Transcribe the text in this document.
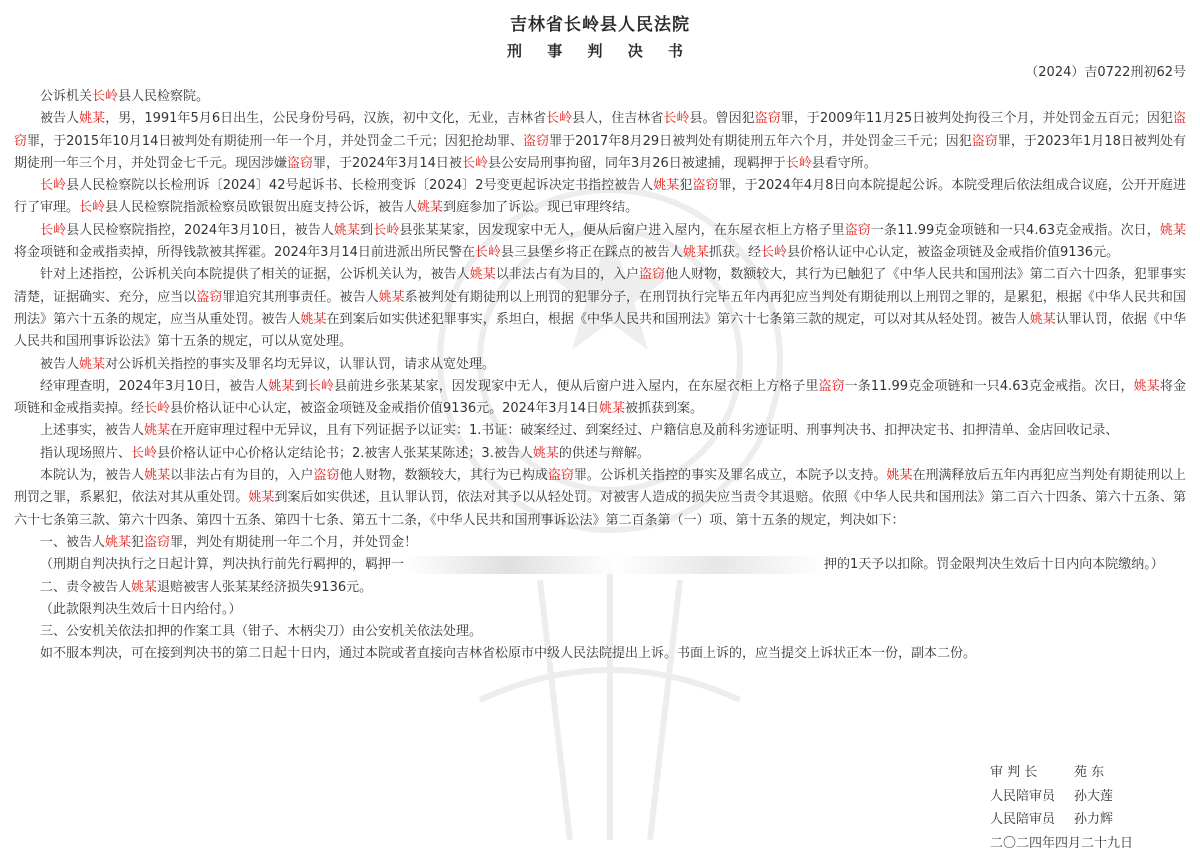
吉林省长岭县人民法院
刑 事 判 决 书
（2024）吉0722刑初62号

公诉机关长岭县人民检察院。

被告人姚某，男，1991年5月6日出生，公民身份号码，汉族，初中文化，无业，吉林省长岭县人，住吉林省长岭县。曾因犯盗窃罪，于2009年11月25日被判处拘役三个月，并处罚金五百元；因犯盗窃罪，于2015年10月14日被判处有期徒刑一年一个月，并处罚金二千元；因犯抢劫罪、盗窃罪于2017年8月29日被判处有期徒刑五年六个月，并处罚金三千元；因犯盗窃罪，于2023年1月18日被判处有期徒刑一年三个月，并处罚金七千元。现因涉嫌盗窃罪，于2024年3月14日被长岭县公安局刑事拘留，同年3月26日被逮捕，现羁押于长岭县看守所。

长岭县人民检察院以长检刑诉〔2024〕42号起诉书、长检刑变诉〔2024〕2号变更起诉决定书指控被告人姚某犯盗窃罪，于2024年4月8日向本院提起公诉。本院受理后依法组成合议庭，公开开庭进行了审理。长岭县人民检察院指派检察员欧银贺出庭支持公诉，被告人姚某到庭参加了诉讼。现已审理终结。

长岭县人民检察院指控，2024年3月10日，被告人姚某到长岭县张某某家，因发现家中无人，便从后窗户进入屋内，在东屋衣柜上方格子里盗窃一条11.99克金项链和一只4.63克金戒指。次日，姚某将金项链和金戒指卖掉，所得钱款被其挥霍。2024年3月14日前进派出所民警在长岭县三县堡乡将正在踩点的被告人姚某抓获。经长岭县价格认证中心认定，被盗金项链及金戒指价值9136元。

针对上述指控，公诉机关向本院提供了相关的证据，公诉机关认为，被告人姚某以非法占有为目的，入户盗窃他人财物，数额较大，其行为已触犯了《中华人民共和国刑法》第二百六十四条，犯罪事实清楚，证据确实、充分，应当以盗窃罪追究其刑事责任。被告人姚某系被判处有期徒刑以上刑罚的犯罪分子，在刑罚执行完毕五年内再犯应当判处有期徒刑以上刑罚之罪的，是累犯，根据《中华人民共和国刑法》第六十五条的规定，应当从重处罚。被告人姚某在到案后如实供述犯罪事实，系坦白，根据《中华人民共和国刑法》第六十七条第三款的规定，可以对其从轻处罚。被告人姚某认罪认罚，依据《中华人民共和国刑事诉讼法》第十五条的规定，可以从宽处理。

被告人姚某对公诉机关指控的事实及罪名均无异议，认罪认罚，请求从宽处理。

经审理查明，2024年3月10日，被告人姚某到长岭县前进乡张某某家，因发现家中无人，便从后窗户进入屋内，在东屋衣柜上方格子里盗窃一条11.99克金项链和一只4.63克金戒指。次日，姚某将金项链和金戒指卖掉。经长岭县价格认证中心认定，被盗金项链及金戒指价值9136元。2024年3月14日姚某被抓获到案。

上述事实，被告人姚某在开庭审理过程中无异议，且有下列证据予以证实：1.书证：破案经过、到案经过、户籍信息及前科劣迹证明、刑事判决书、扣押决定书、扣押清单、金店回收记录、

指认现场照片、长岭县价格认证中心价格认定结论书；2.被害人张某某陈述；3.被告人姚某的供述与辩解。

本院认为，被告人姚某以非法占有为目的，入户盗窃他人财物，数额较大，其行为已构成盗窃罪。公诉机关指控的事实及罪名成立，本院予以支持。姚某在刑满释放后五年内再犯应当判处有期徒刑以上刑罚之罪，系累犯，依法对其从重处罚。姚某到案后如实供述，且认罪认罚，依法对其予以从轻处罚。对被害人造成的损失应当责令其退赔。依照《中华人民共和国刑法》第二百六十四条、第六十五条、第六十七条第三款、第六十四条、第四十五条、第四十七条、第五十二条，《中华人民共和国刑事诉讼法》第二百条第（一）项、第十五条的规定，判决如下：

一、被告人姚某犯盗窃罪，判处有期徒刑一年二个月，并处罚金！

（刑期自判决执行之日起计算，判决执行前先行羁押的，羁押一	押的1天予以扣除。罚金限判决生效后十日内向本院缴纳。）

二、责令被告人姚某退赔被害人张某某经济损失9136元。

（此款限判决生效后十日内给付。）

三、公安机关依法扣押的作案工具（钳子、木柄尖刀）由公安机关依法处理。

如不服本判决，可在接到判决书的第二日起十日内，通过本院或者直接向吉林省松原市中级人民法院提出上诉。书面上诉的，应当提交上诉状正本一份，副本二份。

审 判 长	苑 东
人民陪审员 孙大莲
人民陪审员 孙力辉
二〇二四年四月二十九日
